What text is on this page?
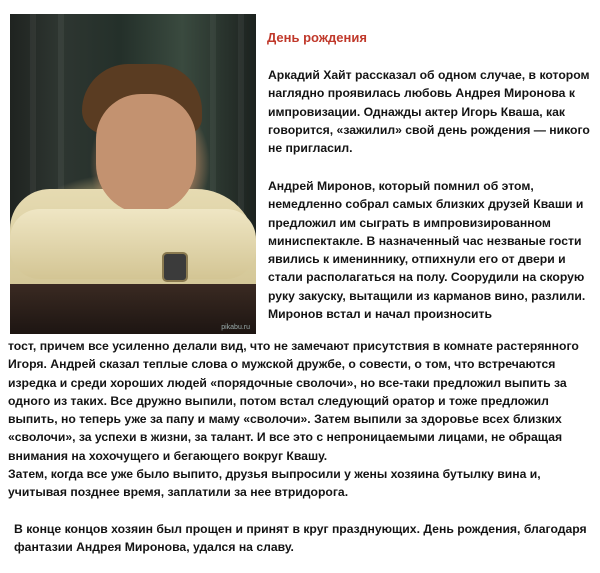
pikabu.ru
День рождения

Аркадий Хайт рассказал об одном случае, в котором наглядно проявилась любовь Андрея Миронова к импровизации. Однажды актер Игорь Кваша, как говорится, «зажилил» свой день рождения — никого не пригласил.

Андрей Миронов, который помнил об этом, немедленно собрал самых близких друзей Кваши и предложил им сыграть в импровизированном миниспектакле. В назначенный час незваные гости явились к имениннику, отпихнули его от двери и стали располагаться на полу. Соорудили на скорую руку закуску, вытащили из карманов вино, разлили. Миронов встал и начал произносить

тост, причем все усиленно делали вид, что не замечают присутствия в комнате растерянного Игоря. Андрей сказал теплые слова о мужской дружбе, о совести, о том, что встречаются изредка и среди хороших людей «порядочные сволочи», но все-таки предложил выпить за одного из таких. Все дружно выпили, потом встал следующий оратор и тоже предложил выпить, но теперь уже за папу и маму «сволочи». Затем выпили за здоровье всех близких «сволочи», за успехи в жизни, за талант. И все это с непроницаемыми лицами, не обращая внимания на хохочущего и бегающего вокруг Квашу.
Затем, когда все уже было выпито, друзья выпросили у жены хозяина бутылку вина и, учитывая позднее время, заплатили за нее втридорога.

В конце концов хозяин был прощен и принят в круг празднующих. День рождения, благодаря фантазии Андрея Миронова, удался на славу.
